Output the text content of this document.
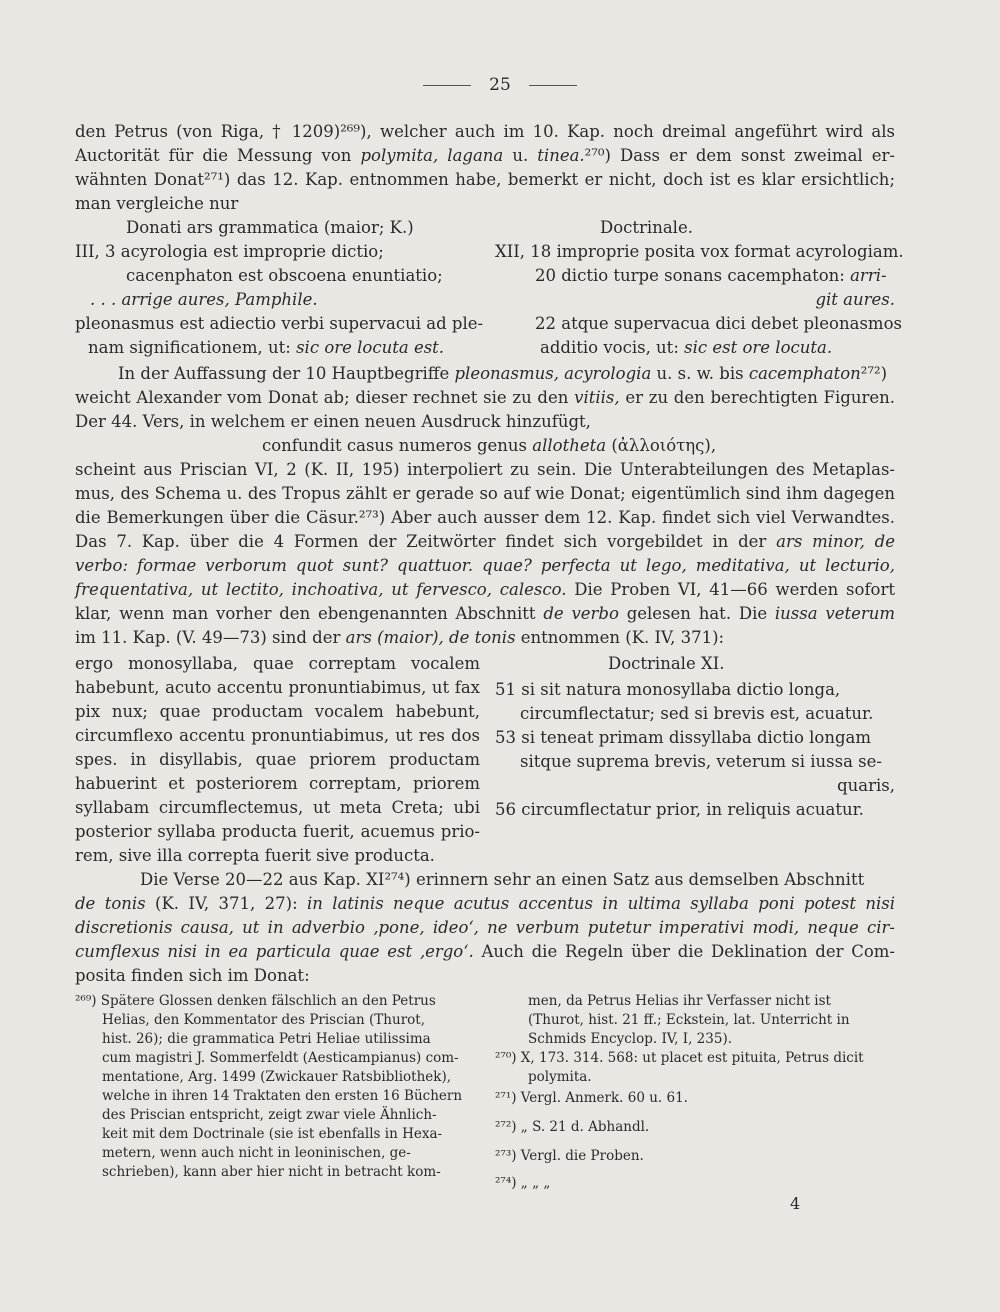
25
den Petrus (von Riga, † 1209)²⁶⁹), welcher auch im 10. Kap. noch dreimal angeführt wird als
Auctorität für die Messung von polymita, lagana u. tinea.²⁷⁰) Dass er dem sonst zweimal er-
wähnten Donat²⁷¹) das 12. Kap. entnommen habe, bemerkt er nicht, doch ist es klar ersichtlich;
man vergleiche nur
Donati ars grammatica (maior; K.)	Doctrinale.
III, 3 acyrologia est improprie dictio;
cacenphaton est obscoena enuntiatio;
. . . arrige aures, Pamphile.
pleonasmus est adiectio verbi supervacui ad ple-
nam significationem, ut: sic ore locuta est.
XII, 18 improprie posita vox format acyrologiam.
20 dictio turpe sonans cacemphaton: arri-
git aures.
22 atque supervacua dici debet pleonasmos
additio vocis, ut: sic est ore locuta.
In der Auffassung der 10 Hauptbegriffe pleonasmus, acyrologia u. s. w. bis cacemphaton²⁷²)
weicht Alexander vom Donat ab; dieser rechnet sie zu den vitiis, er zu den berechtigten Figuren.
Der 44. Vers, in welchem er einen neuen Ausdruck hinzufügt,
confundit casus numeros genus allotheta (ἀλλοιότης),
scheint aus Priscian VI, 2 (K. II, 195) interpoliert zu sein. Die Unterabteilungen des Metaplas-
mus, des Schema u. des Tropus zählt er gerade so auf wie Donat; eigentümlich sind ihm dagegen
die Bemerkungen über die Cäsur.²⁷³) Aber auch ausser dem 12. Kap. findet sich viel Verwandtes.
Das 7. Kap. über die 4 Formen der Zeitwörter findet sich vorgebildet in der ars minor, de
verbo: formae verborum quot sunt? quattuor. quae? perfecta ut lego, meditativa, ut lecturio,
frequentativa, ut lectito, inchoativa, ut fervesco, calesco. Die Proben VI, 41—66 werden sofort
klar, wenn man vorher den ebengenannten Abschnitt de verbo gelesen hat. Die iussa veterum
im 11. Kap. (V. 49—73) sind der ars (maior), de tonis entnommen (K. IV, 371):
ergo monosyllaba, quae correptam vocalem
habebunt, acuto accentu pronuntiabimus, ut fax
pix nux; quae productam vocalem habebunt,
circumflexo accentu pronuntiabimus, ut res dos
spes. in disyllabis, quae priorem productam
habuerint et posteriorem correptam, priorem
syllabam circumflectemus, ut meta Creta; ubi
posterior syllaba producta fuerit, acuemus prio-
rem, sive illa correpta fuerit sive producta.
Doctrinale XI.
51 si sit natura monosyllaba dictio longa,
circumflectatur; sed si brevis est, acuatur.
53 si teneat primam dissyllaba dictio longam
sitque suprema brevis, veterum si iussa se-
quaris,
56 circumflectatur prior, in reliquis acuatur.
Die Verse 20—22 aus Kap. XI²⁷⁴) erinnern sehr an einen Satz aus demselben Abschnitt
de tonis (K. IV, 371, 27): in latinis neque acutus accentus in ultima syllaba poni potest nisi
discretionis causa, ut in adverbio ‚pone, ideo‘, ne verbum putetur imperativi modi, neque cir-
cumflexus nisi in ea particula quae est ‚ergo‘. Auch die Regeln über die Deklination der Com-
posita finden sich im Donat:
²⁶⁹) Spätere Glossen denken fälschlich an den Petrus
Helias, den Kommentator des Priscian (Thurot,
hist. 26); die grammatica Petri Heliae utilissima
cum magistri J. Sommerfeldt (Aesticampianus) com-
mentatione, Arg. 1499 (Zwickauer Ratsbibliothek),
welche in ihren 14 Traktaten den ersten 16 Büchern
des Priscian entspricht, zeigt zwar viele Ähnlich-
keit mit dem Doctrinale (sie ist ebenfalls in Hexa-
metern, wenn auch nicht in leoninischen, ge-
schrieben), kann aber hier nicht in betracht kom-
men, da Petrus Helias ihr Verfasser nicht ist
(Thurot, hist. 21 ff.; Eckstein, lat. Unterricht in
Schmids Encyclop. IV, I, 235).
²⁷⁰) X, 173. 314. 568: ut placet est pituita, Petrus dicit
polymita.
²⁷¹) Vergl. Anmerk. 60 u. 61.
²⁷²) „ S. 21 d. Abhandl.
²⁷³) Vergl. die Proben.
²⁷⁴) „ „ „
4
